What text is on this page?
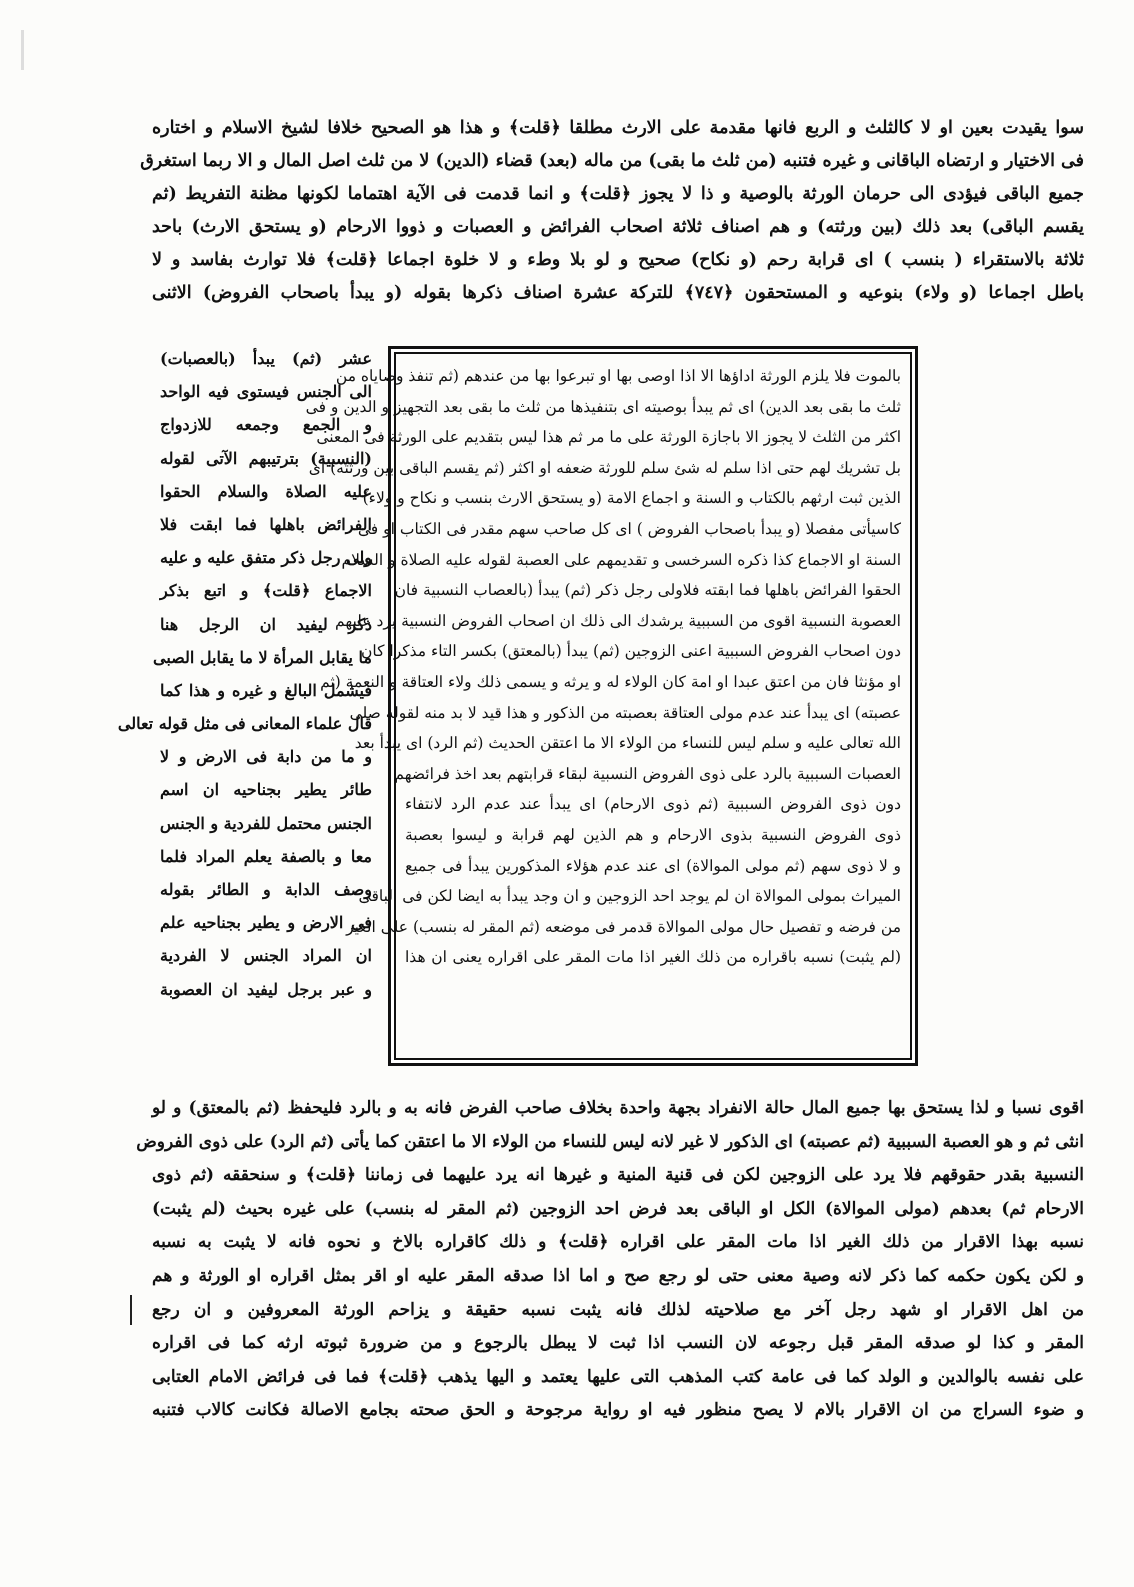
سوا يقيدت بعين او لا كالثلث و الربع فانها مقدمة على الارث مطلقا ﴿قلت﴾ و هذا هو الصحيح خلافا لشيخ الاسلام و اختاره
فى الاختيار و ارتضاه الباقانى و غيره فتنبه (من ثلث ما بقى) من ماله (بعد) قضاء (الدين) لا من ثلث اصل المال و الا ربما استغرق
جميع الباقى فيؤدى الى حرمان الورثة بالوصية و ذا لا يجوز ﴿قلت﴾ و انما قدمت فى الآية اهتماما لكونها مظنة التفريط (ثم
يقسم الباقى) بعد ذلك (بين ورثته) و هم اصناف ثلاثة اصحاب الفرائض و العصبات و ذووا الارحام (و يستحق الارث) باحد
ثلاثة بالاستقراء ( بنسب ) اى قرابة رحم (و نكاح) صحيح و لو بلا وطء و لا خلوة اجماعا ﴿قلت﴾ فلا توارث بفاسد و لا
باطل اجماعا (و ولاء) بنوعيه و المستحقون ﴿٧٤٧﴾ للتركة عشرة اصناف ذكرها بقوله (و يبدأ باصحاب الفروض) الاثنى
بالموت فلا يلزم الورثة اداؤها الا اذا اوصى بها او تبرعوا بها من عندهم (ثم تنفذ وصاياه من
ثلث ما بقى بعد الدين) اى ثم يبدأ بوصيته اى بتنفيذها من ثلث ما بقى بعد التجهيز و الدين و فى
اكثر من الثلث لا يجوز الا باجازة الورثة على ما مر ثم هذا ليس بتقديم على الورثة فى المعنى
بل تشريك لهم حتى اذا سلم له شئ سلم للورثة ضعفه او اكثر (ثم يقسم الباقى بين ورثته) اى
الذين ثبت ارثهم بالكتاب و السنة و اجماع الامة (و يستحق الارث بنسب و نكاح و ولاء)
كاسيأتى مفصلا (و يبدأ باصحاب الفروض ) اى كل صاحب سهم مقدر فى الكتاب او فى
السنة او الاجماع كذا ذكره السرخسى و تقديمهم على العصبة لقوله عليه الصلاة و السلام
الحقوا الفرائض باهلها فما ابقته فلاولى رجل ذكر (ثم) يبدأ (بالعصاب النسبية فان
العصوبة النسبية اقوى من السببية يرشدك الى ذلك ان اصحاب الفروض النسبية يرد عليهم
دون اصحاب الفروض السببية اعنى الزوجين (ثم) يبدأ (بالمعتق) بكسر التاء مذكرا كان
او مؤنثا فان من اعتق عبدا او امة كان الولاء له و يرثه و يسمى ذلك ولاء العتاقة و النعمة (ثم
عصبته) اى يبدأ عند عدم مولى العتاقة بعصبته من الذكور و هذا قيد لا بد منه لقوله صلى
الله تعالى عليه و سلم ليس للنساء من الولاء الا ما اعتقن الحديث (ثم الرد) اى يبدأ بعد
العصبات السببية بالرد على ذوى الفروض النسبية لبقاء قرابتهم بعد اخذ فرائضهم
دون ذوى الفروض السببية (ثم ذوى الارحام) اى يبدأ عند عدم الرد لانتفاء
ذوى الفروض النسبية بذوى الارحام و هم الذين لهم قرابة و ليسوا بعصبة
و لا ذوى سهم (ثم مولى الموالاة) اى عند عدم هؤلاء المذكورين يبدأ فى جميع
الميراث بمولى الموالاة ان لم يوجد احد الزوجين و ان وجد يبدأ به ايضا لكن فى الباقى
من فرضه و تفصيل حال مولى الموالاة قدمر فى موضعه (ثم المقر له بنسب) على الغير
(لم يثبت) نسبه باقراره من ذلك الغير اذا مات المقر على اقراره يعنى ان هذا
عشر (ثم) يبدأ (بالعصبات)
الى الجنس فيستوى فيه الواحد
و الجمع وجمعه للازدواج
(النسبية) بترتيبهم الآتى لقوله
عليه الصلاة والسلام الحقوا
الفرائض باهلها فما ابقت فلا
ولى رجل ذكر متفق عليه و عليه
الاجماع ﴿قلت﴾ و اتبع بذكر
ذكر ليفيد ان الرجل هنا
ما يقابل المرأة لا ما يقابل الصبى
فيشمل البالغ و غيره و هذا كما
قال علماء المعانى فى مثل قوله تعالى
و ما من دابة فى الارض و لا
طائر يطير بجناحيه ان اسم
الجنس محتمل للفردية و الجنس
معا و بالصفة يعلم المراد فلما
وصف الدابة و الطائر بقوله
فى الارض و يطير بجناحيه علم
ان المراد الجنس لا الفردية
و عبر برجل ليفيد ان العصوبة
اقوى نسبا و لذا يستحق بها جميع المال حالة الانفراد بجهة واحدة بخلاف صاحب الفرض فانه به و بالرد فليحفظ (ثم بالمعتق) و لو
انثى ثم و هو العصبة السببية (ثم عصبته) اى الذكور لا غير لانه ليس للنساء من الولاء الا ما اعتقن كما يأتى (ثم الرد) على ذوى الفروض
النسبية بقدر حقوقهم فلا يرد على الزوجين لكن فى قنية المنية و غيرها انه يرد عليهما فى زماننا ﴿قلت﴾ و سنحققه (ثم ذوى
الارحام ثم) بعدهم (مولى الموالاة) الكل او الباقى بعد فرض احد الزوجين (ثم المقر له بنسب) على غيره بحيث (لم يثبت)
نسبه بهذا الاقرار من ذلك الغير اذا مات المقر على اقراره ﴿قلت﴾ و ذلك كاقراره بالاخ و نحوه فانه لا يثبت به نسبه
و لكن يكون حكمه كما ذكر لانه وصية معنى حتى لو رجع صح و اما اذا صدقه المقر عليه او اقر بمثل اقراره او الورثة و هم
من اهل الاقرار او شهد رجل آخر مع صلاحيته لذلك فانه يثبت نسبه حقيقة و يزاحم الورثة المعروفين و ان رجع
المقر و كذا لو صدقه المقر قبل رجوعه لان النسب اذا ثبت لا يبطل بالرجوع و من ضرورة ثبوته ارثه كما فى اقراره
على نفسه بالوالدين و الولد كما فى عامة كتب المذهب التى عليها يعتمد و اليها يذهب ﴿قلت﴾ فما فى فرائض الامام العتابى
و ضوء السراج من ان الاقرار بالام لا يصح منظور فيه او رواية مرجوحة و الحق صحته بجامع الاصالة فكانت كالاب فتنبه
